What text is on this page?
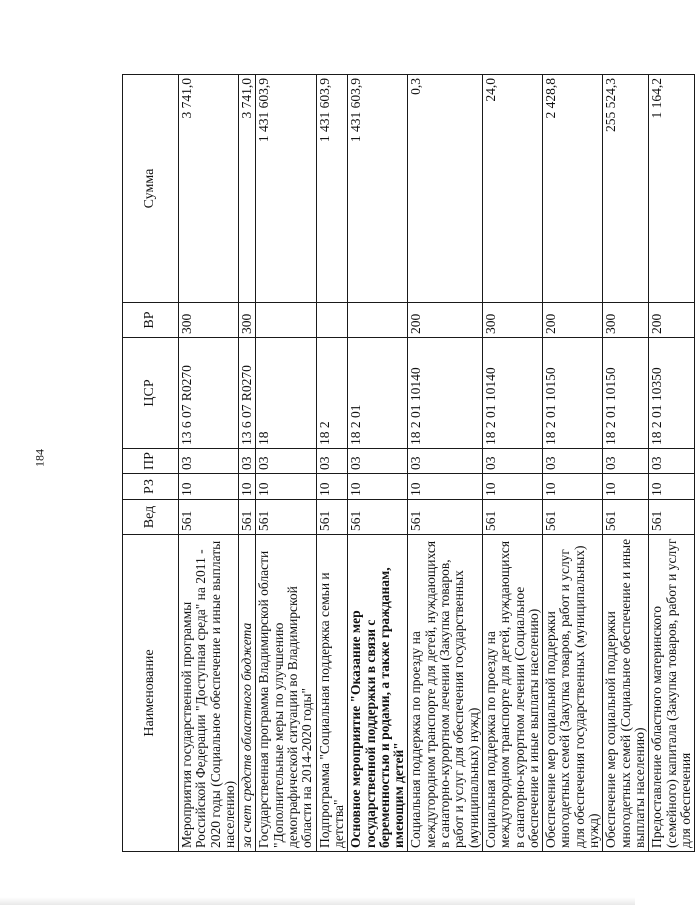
184
Наименование	Вед	РЗ	ПР	ЦСР	ВР	Сумма
Мероприятия государственной программы Российской Федерации "Доступная среда" на 2011 - 2020 годы (Социальное обеспечение и иные выплаты населению)	561	10	03	13 6 07 R0270	300	3 741,0
за счет средств областного бюджета	561	10	03	13 6 07 R0270	300	3 741,0
Государственная программа Владимирской области "Дополнительные меры по улучшению демографической ситуации во Владимирской области на 2014-2020 годы"	561	10	03	18		1 431 603,9
Подпрограмма "Социальная поддержка семьи и детства"	561	10	03	18 2		1 431 603,9
Основное мероприятие "Оказание мер государственной поддержки в связи с беременностью и родами, а также гражданам, имеющим детей"	561	10	03	18 2 01		1 431 603,9
Социальная поддержка по проезду на междугородном транспорте для детей, нуждающихся в санаторно-курортном лечении (Закупка товаров, работ и услуг для обеспечения государственных (муниципальных) нужд)	561	10	03	18 2 01 10140	200	0,3
Социальная поддержка по проезду на междугородном транспорте для детей, нуждающихся в санаторно-курортном лечении (Социальное обеспечение и иные выплаты населению)	561	10	03	18 2 01 10140	300	24,0
Обеспечение мер социальной поддержки многодетных семей (Закупка товаров, работ и услуг для обеспечения государственных (муниципальных) нужд)	561	10	03	18 2 01 10150	200	2 428,8
Обеспечение мер социальной поддержки многодетных семей (Социальное обеспечение и иные выплаты населению)	561	10	03	18 2 01 10150	300	255 524,3
Предоставление областного материнского (семейного) капитала (Закупка товаров, работ и услуг для обеспечения	561	10	03	18 2 01 10350	200	1 164,2
